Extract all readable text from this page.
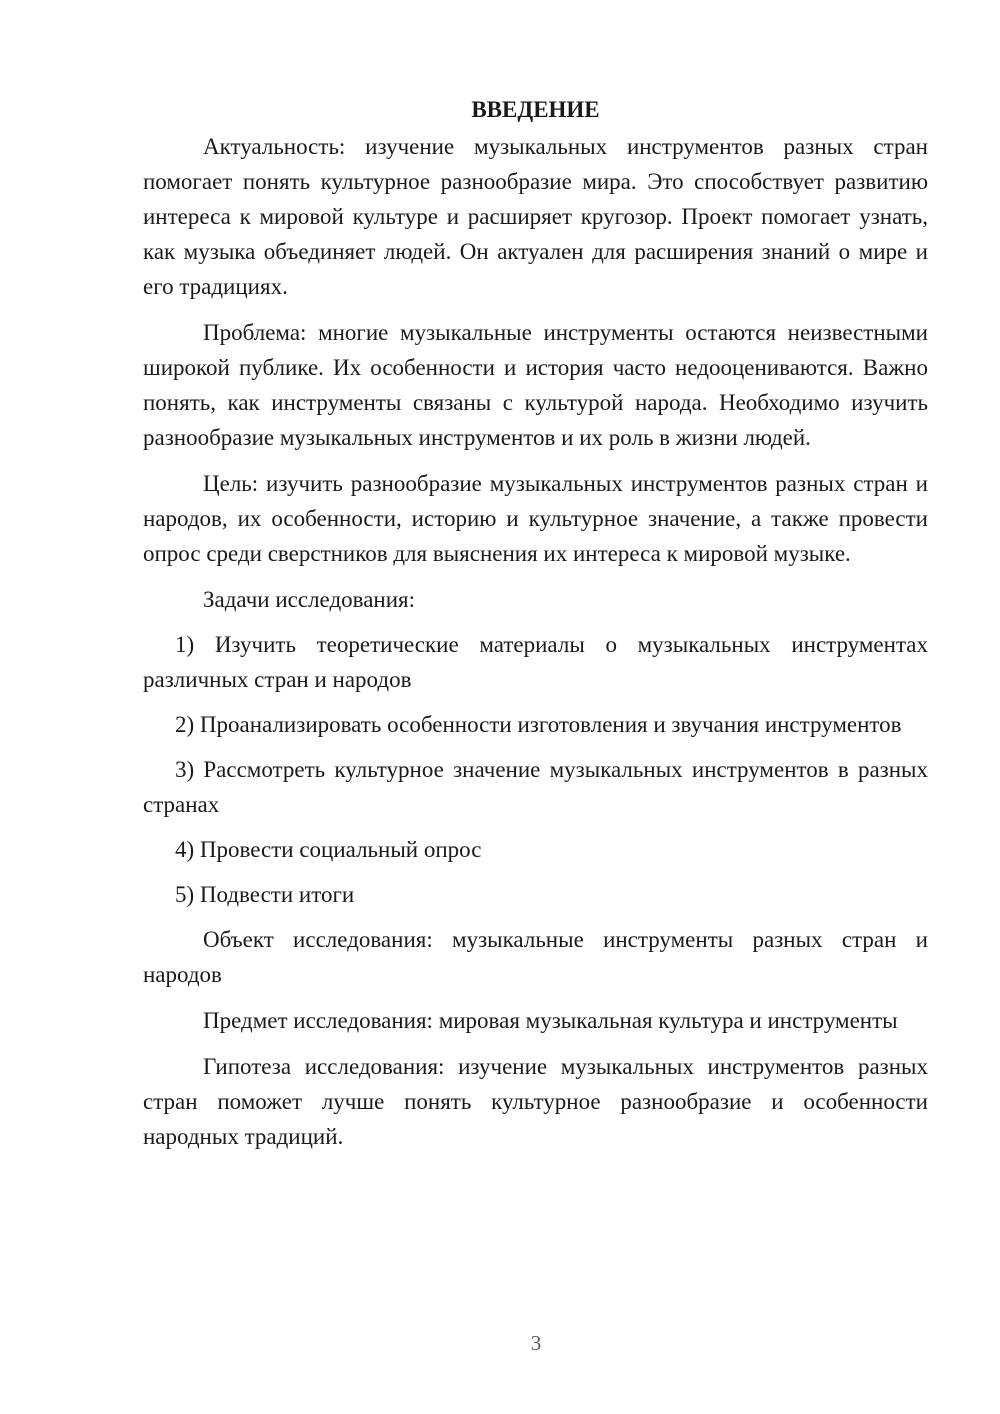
ВВЕДЕНИЕ

Актуальность: изучение музыкальных инструментов разных стран помогает понять культурное разнообразие мира. Это способствует развитию интереса к мировой культуре и расширяет кругозор. Проект помогает узнать, как музыка объединяет людей. Он актуален для расширения знаний о мире и его традициях.

Проблема: многие музыкальные инструменты остаются неизвестными широкой публике. Их особенности и история часто недооцениваются. Важно понять, как инструменты связаны с культурой народа. Необходимо изучить разнообразие музыкальных инструментов и их роль в жизни людей.

Цель: изучить разнообразие музыкальных инструментов разных стран и народов, их особенности, историю и культурное значение, а также провести опрос среди сверстников для выяснения их интереса к мировой музыке.

Задачи исследования:

1) Изучить теоретические материалы о музыкальных инструментах различных стран и народов

2) Проанализировать особенности изготовления и звучания инструментов

3) Рассмотреть культурное значение музыкальных инструментов в разных странах

4) Провести социальный опрос

5) Подвести итоги

Объект исследования: музыкальные инструменты разных стран и народов

Предмет исследования: мировая музыкальная культура и инструменты

Гипотеза исследования: изучение музыкальных инструментов разных стран поможет лучше понять культурное разнообразие и особенности народных традиций.

3
